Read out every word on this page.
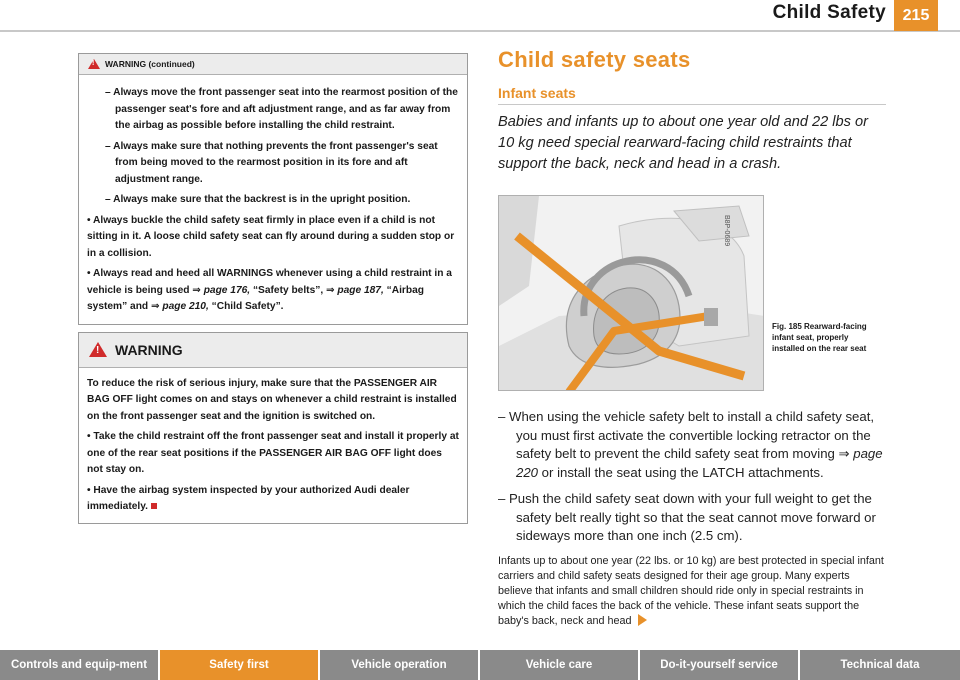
Child Safety	215
!
WARNING (continued)

– Always move the front passenger seat into the rearmost position of the passenger seat's fore and aft adjustment range, and as far away from the airbag as possible before installing the child restraint.

– Always make sure that nothing prevents the front passenger's seat from being moved to the rearmost position in its fore and aft adjustment range.

– Always make sure that the backrest is in the upright position.

• Always buckle the child safety seat firmly in place even if a child is not sitting in it. A loose child safety seat can fly around during a sudden stop or in a collision.

• Always read and heed all WARNINGS whenever using a child restraint in a vehicle is being used ⇒ page 176, “Safety belts”, ⇒ page 187, “Airbag system” and ⇒ page 210, “Child Safety”.

!
WARNING

To reduce the risk of serious injury, make sure that the PASSENGER AIR BAG OFF light comes on and stays on whenever a child restraint is installed on the front passenger seat and the ignition is switched on.

• Take the child restraint off the front passenger seat and install it properly at one of the rear seat positions if the PASSENGER AIR BAG OFF light does not stay on.

• Have the airbag system inspected by your authorized Audi dealer immediately.

Child safety seats
Infant seats

Babies and infants up to about one year old and 22 lbs or 10 kg need special rearward-facing child restraints that support the back, neck and head in a crash.

B8P-0689
Fig. 185 Rearward-facing infant seat, properly installed on the rear seat

– When using the vehicle safety belt to install a child safety seat, you must first activate the convertible locking retractor on the safety belt to prevent the child safety seat from moving ⇒ page 220 or install the seat using the LATCH attachments.

– Push the child safety seat down with your full weight to get the safety belt really tight so that the seat cannot move forward or sideways more than one inch (2.5 cm).

Infants up to about one year (22 lbs. or 10 kg) are best protected in special infant carriers and child safety seats designed for their age group. Many experts believe that infants and small children should ride only in special restraints in which the child faces the back of the vehicle. These infant seats support the baby's back, neck and head

Controls and equip-ment	Safety first	Vehicle operation	Vehicle care	Do-it-yourself service	Technical data
